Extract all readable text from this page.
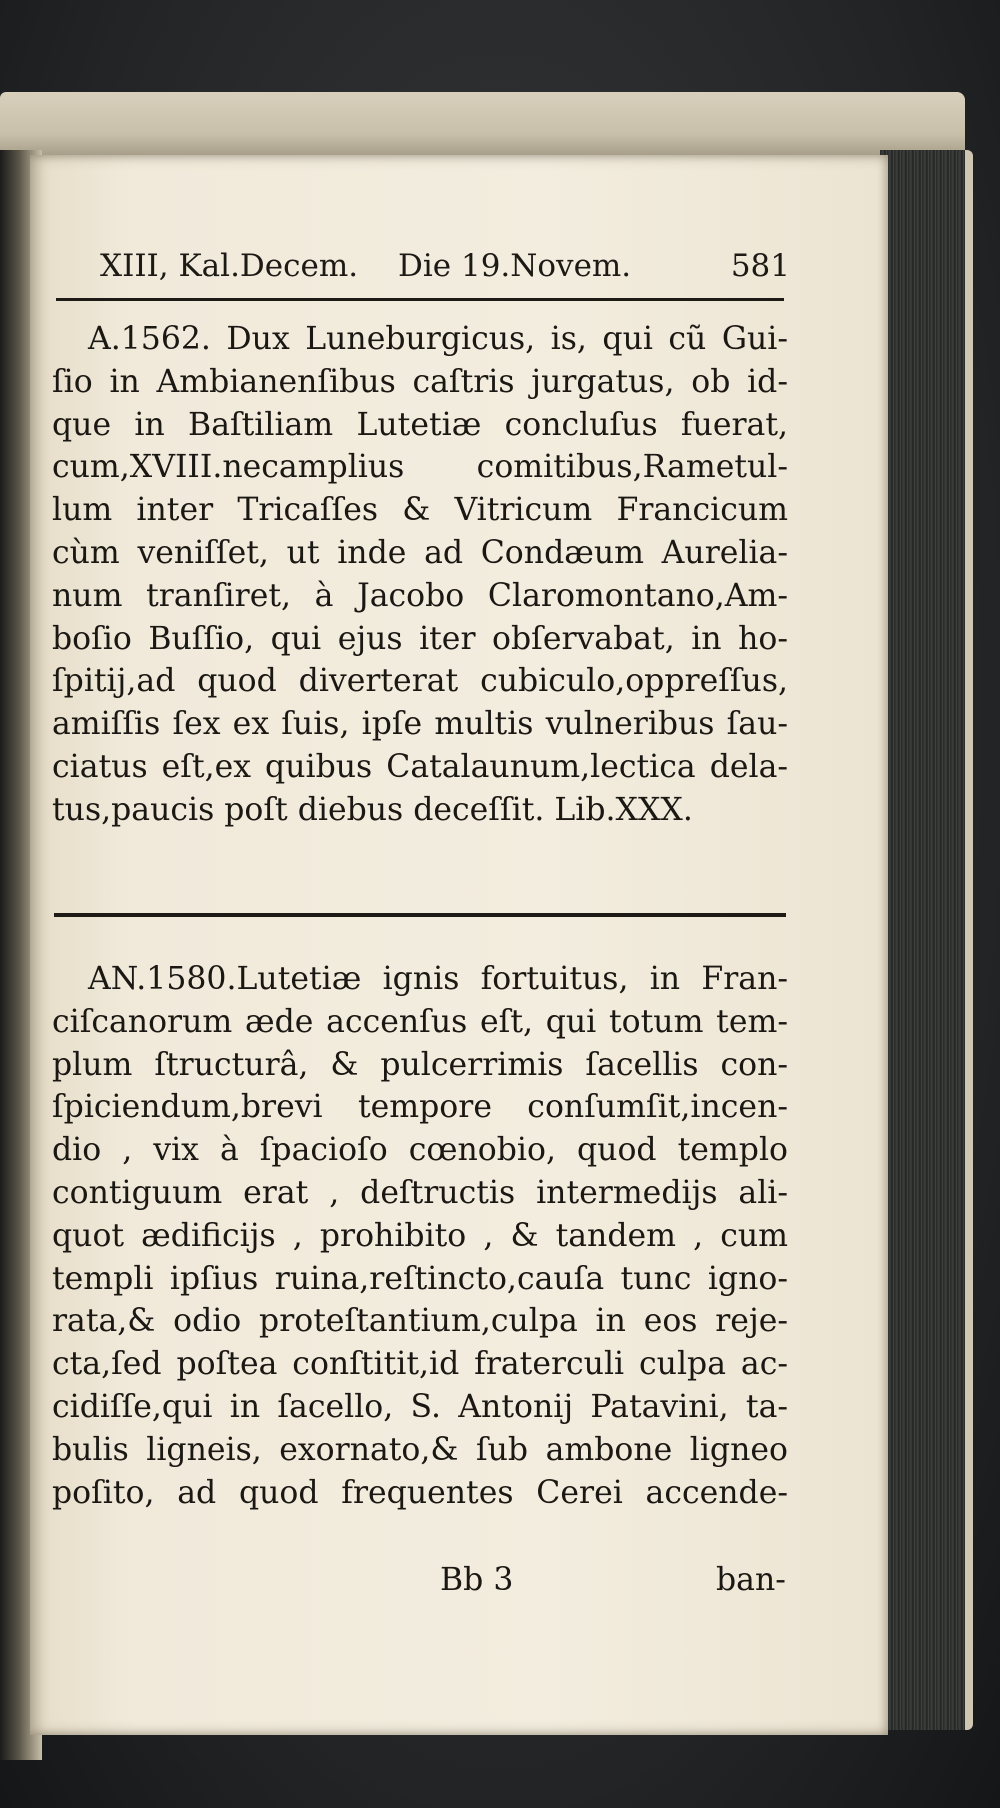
XIII, Kal.Decem. Die 19.Novem.	581
A.1562. Dux Luneburgicus, is, qui cũ Gui-
ſio in Ambianenſibus caſtris jurgatus, ob id-
que in Baſtiliam Lutetiæ concluſus fuerat,
cum,XVIII.necamplius comitibus,Rametul-
lum inter Tricaſſes & Vitricum Francicum
cùm veniſſet, ut inde ad Condæum Aurelia-
num tranſiret, à Jacobo Claromontano,Am-
boſio Buſſio, qui ejus iter obſervabat, in ho-
ſpitij,ad quod diverterat cubiculo,oppreſſus,
amiſſis ſex ex ſuis, ipſe multis vulneribus ſau-
ciatus eſt,ex quibus Catalaunum,lectica dela-
tus,paucis poſt diebus deceſſit. Lib.XXX.
AN.1580.Lutetiæ ignis fortuitus, in Fran-
ciſcanorum æde accenſus eſt, qui totum tem-
plum ſtructurâ, & pulcerrimis ſacellis con-
ſpiciendum,brevi tempore conſumſit,incen-
dio , vix à ſpacioſo cœnobio, quod templo
contiguum erat , deſtructis intermedijs ali-
quot ædificijs , prohibito , & tandem , cum
templi ipſius ruina,reſtincto,cauſa tunc igno-
rata,& odio proteſtantium,culpa in eos reje-
cta,ſed poſtea conſtitit,id fraterculi culpa ac-
cidiſſe,qui in ſacello, S. Antonij Patavini, ta-
bulis ligneis, exornato,& ſub ambone ligneo
poſito, ad quod frequentes Cerei accende-
Bb 3	ban-
